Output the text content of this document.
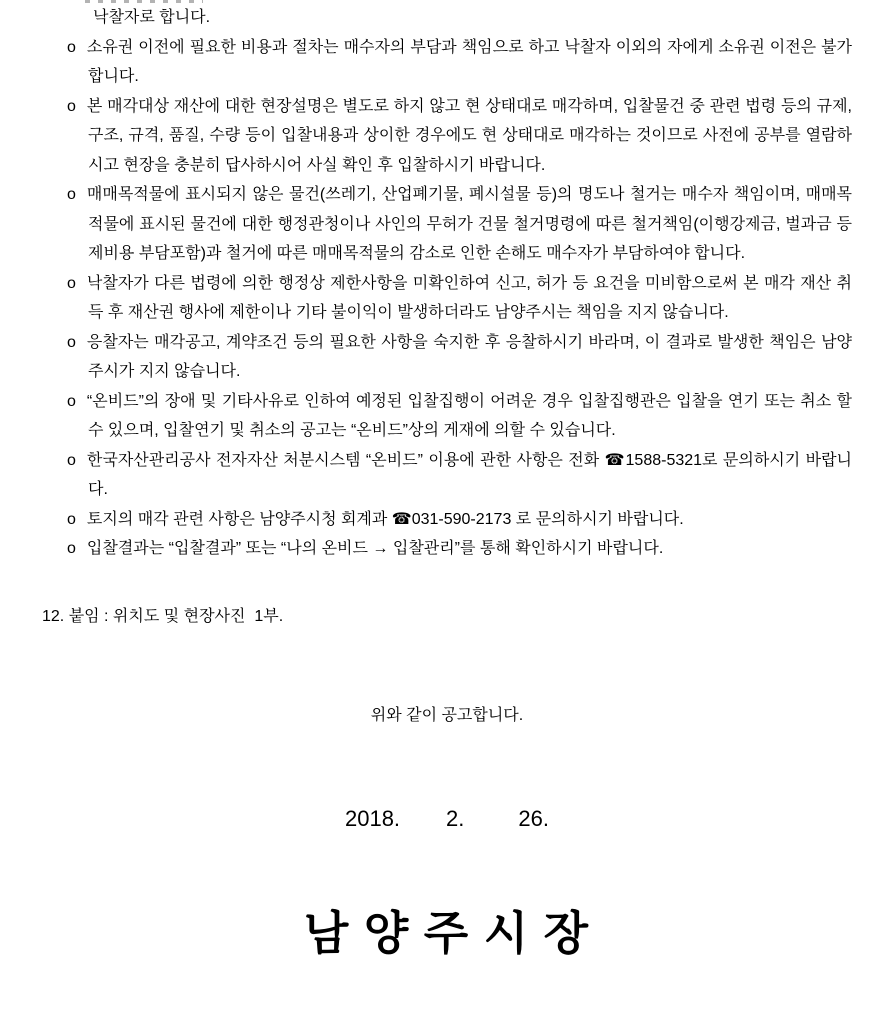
낙찰자로 합니다.
o 소유권 이전에 필요한 비용과 절차는 매수자의 부담과 책임으로 하고 낙찰자 이외의 자에게 소유권 이전은 불가합니다.
o 본 매각대상 재산에 대한 현장설명은 별도로 하지 않고 현 상태대로 매각하며, 입찰물건 중 관련 법령 등의 규제, 구조, 규격, 품질, 수량 등이 입찰내용과 상이한 경우에도 현 상태대로 매각하는 것이므로 사전에 공부를 열람하시고 현장을 충분히 답사하시어 사실 확인 후 입찰하시기 바랍니다.
o 매매목적물에 표시되지 않은 물건(쓰레기, 산업폐기물, 폐시설물 등)의 명도나 철거는 매수자 책임이며, 매매목적물에 표시된 물건에 대한 행정관청이나 사인의 무허가 건물 철거명령에 따른 철거책임(이행강제금, 벌과금 등 제비용 부담포함)과 철거에 따른 매매목적물의 감소로 인한 손해도 매수자가 부담하여야 합니다.
o 낙찰자가 다른 법령에 의한 행정상 제한사항을 미확인하여 신고, 허가 등 요건을 미비함으로써 본 매각 재산 취득 후 재산권 행사에 제한이나 기타 불이익이 발생하더라도 남양주시는 책임을 지지 않습니다.
o 응찰자는 매각공고, 계약조건 등의 필요한 사항을 숙지한 후 응찰하시기 바라며, 이 결과로 발생한 책임은 남양주시가 지지 않습니다.
o “온비드”의 장애 및 기타사유로 인하여 예정된 입찰집행이 어려운 경우 입찰집행관은 입찰을 연기 또는 취소 할 수 있으며, 입찰연기 및 취소의 공고는 “온비드”상의 게재에 의할 수 있습니다.
o 한국자산관리공사 전자자산 처분시스템 “온비드” 이용에 관한 사항은 전화 ☎1588-5321로 문의하시기 바랍니다.
o 토지의 매각 관련 사항은 남양주시청 회계과 ☎031-590-2173 로 문의하시기 바랍니다.
o 입찰결과는 “입찰결과” 또는 “나의 온비드 → 입찰관리”를 통해 확인하시기 바랍니다.
12. 붙임 : 위치도 및 현장사진  1부.
위와 같이 공고합니다.
2018. 2. 26.
남 양 주 시 장
